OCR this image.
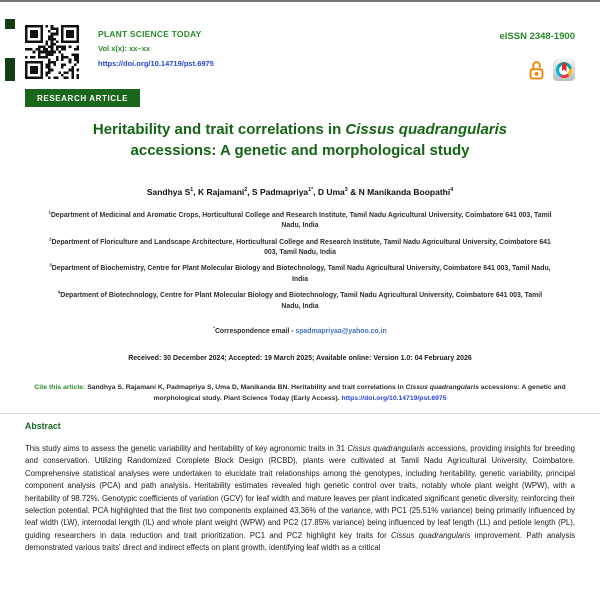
PLANT SCIENCE TODAY
Vol x(x): xx–xx
https://doi.org/10.14719/pst.6975
eISSN 2348-1900
RESEARCH ARTICLE
Heritability and trait correlations in Cissus quadrangularis accessions: A genetic and morphological study
Sandhya $S^1$, K Rajamani$^2$, S Padmapriya$^{1*}$, D Uma$^3$ & N Manikanda Boopathi$^4$
$^1$Department of Medicinal and Aromatic Crops, Horticultural College and Research Institute, Tamil Nadu Agricultural University, Coimbatore 641 003, Tamil Nadu, India
$^2$Department of Floriculture and Landscape Architecture, Horticultural College and Research Institute, Tamil Nadu Agricultural University, Coimbatore 641 003, Tamil Nadu, India
$^3$Department of Biochemistry, Centre for Plant Molecular Biology and Biotechnology, Tamil Nadu Agricultural University, Coimbatore 641 003, Tamil Nadu, India
$^4$Department of Biotechnology, Centre for Plant Molecular Biology and Biotechnology, Tamil Nadu Agricultural University, Coimbatore 641 003, Tamil Nadu, India
*Correspondence email - spadmapriyaa@yahoo.co.in
Received: 30 December 2024; Accepted: 19 March 2025; Available online: Version 1.0: 04 February 2026
Cite this article: Sandhya S, Rajamani K, Padmapriya S, Uma D, Manikanda BN. Heritability and trait correlations in Cissus quadrangularis accessions: A genetic and morphological study. Plant Science Today (Early Access). https://doi.org/10.14719/pst.6975
Abstract

This study aims to assess the genetic variability and heritability of key agronomic traits in 31 Cissus quadrangularis accessions, providing insights for breeding and conservation. Utilizing Randomized Complete Block Design (RCBD), plants were cultivated at Tamil Nadu Agricultural University, Coimbatore. Comprehensive statistical analyses were undertaken to elucidate trait relationships among the genotypes, including heritability, genetic variability, principal component analysis (PCA) and path analysis. Heritability estimates revealed high genetic control over traits, notably whole plant weight (WPW), with a heritability of 98.72%. Genotypic coefficients of variation (GCV) for leaf width and mature leaves per plant indicated significant genetic diversity, reinforcing their selection potential. PCA highlighted that the first two components explained 43.36% of the variance, with PC1 (25.51% variance) being primarily influenced by leaf width (LW), internodal length (IL) and whole plant weight (WPW) and PC2 (17.85% variance) being influenced by leaf length (LL) and petiole length (PL), guiding researchers in data reduction and trait prioritization. PC1 and PC2 highlight key traits for Cissus quadrangularis improvement. Path analysis demonstrated various traits' direct and indirect effects on plant growth, identifying leaf width as a critical
